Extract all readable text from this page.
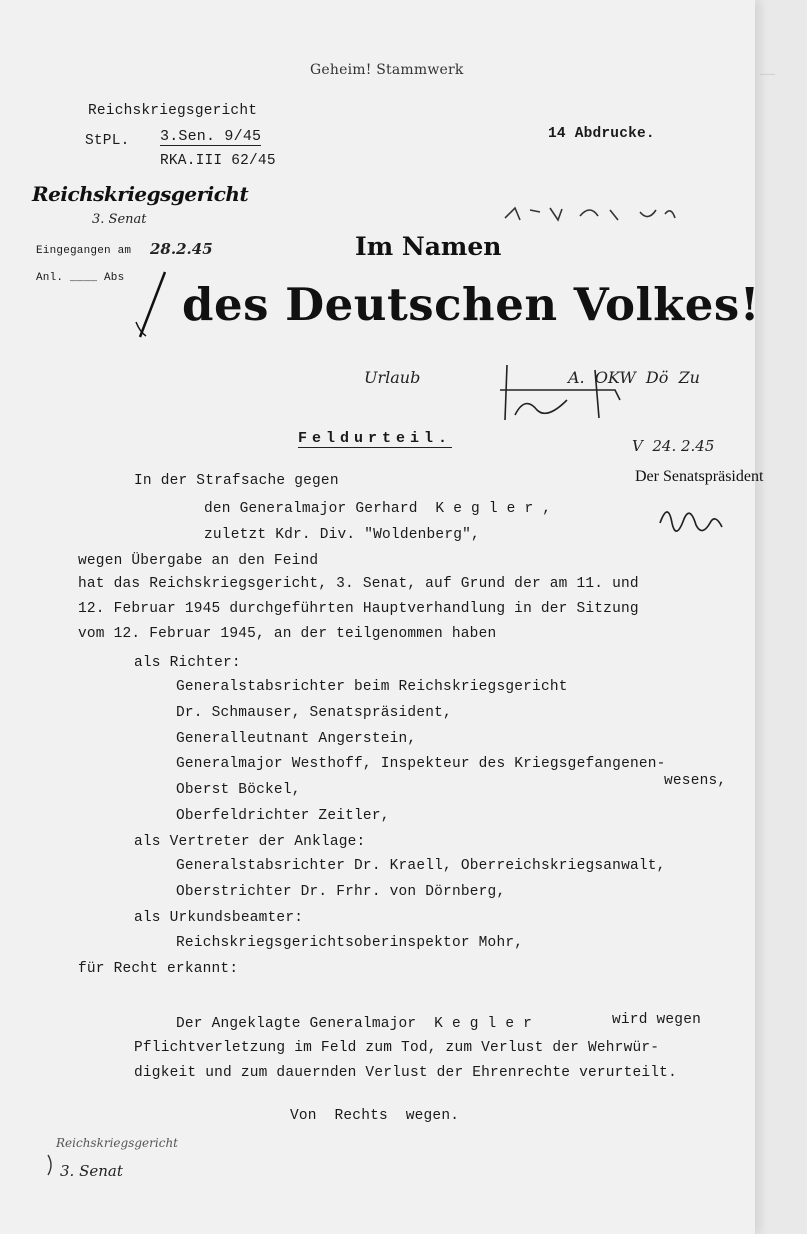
—
Geheim! Stammwerk
Reichskriegsgericht
StPL. 3.Sen. 9/45	14 Abdrucke.
RKA.III 62/45
Reichskriegsgericht
3. Senat
Eingegangen am 28.2.45
Anl. ____ Abs
Im Namen
des Deutschen Volkes!
Urlaub	A.  OKW  Dö  Zu
V  24. 2.45
Der Senatspräsident
Feldurteil.
In der Strafsache gegen
den Generalmajor Gerhard  K e g l e r ,
zuletzt Kdr. Div. "Woldenberg",
wegen Übergabe an den Feind
hat das Reichskriegsgericht, 3. Senat, auf Grund der am 11. und
12. Februar 1945 durchgeführten Hauptverhandlung in der Sitzung
vom 12. Februar 1945, an der teilgenommen haben
als Richter:
Generalstabsrichter beim Reichskriegsgericht
Dr. Schmauser, Senatspräsident,
Generalleutnant Angerstein,
Generalmajor Westhoff, Inspekteur des Kriegsgefangenen-
wesens,
Oberst Böckel,
Oberfeldrichter Zeitler,
als Vertreter der Anklage:
Generalstabsrichter Dr. Kraell, Oberreichskriegsanwalt,
Oberstrichter Dr. Frhr. von Dörnberg,
als Urkundsbeamter:
Reichskriegsgerichtsoberinspektor Mohr,
für Recht erkannt:
Der Angeklagte Generalmajor  K e g l e r	wird wegen
Pflichtverletzung im Feld zum Tod, zum Verlust der Wehrwür-
digkeit und zum dauernden Verlust der Ehrenrechte verurteilt.
Von  Rechts  wegen.
Reichskriegsgericht
3. Senat
